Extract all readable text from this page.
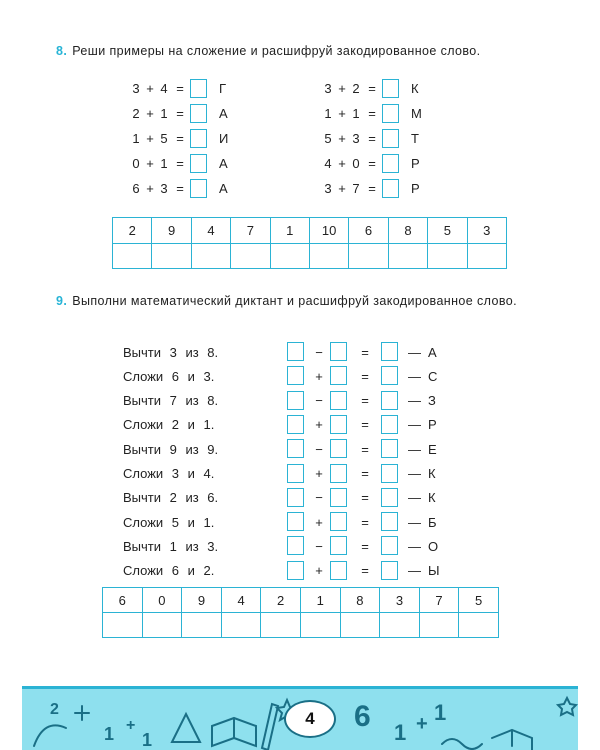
8. Реши примеры на сложение и расшифруй закодированное слово.
3 + 4 =	Г
2 + 1 =	А
1 + 5 =	И
0 + 1 =	А
6 + 3 =	А
3 + 2 =	К
1 + 1 =	М
5 + 3 =	Т
4 + 0 =	Р
3 + 7 =	Р
2	9	4	7	1	10	6	8	5	3

9. Выполни математический диктант и расшифруй закодированное слово.
Вычти 3 из 8.	−	=	— А
Сложи 6 и 3.	+	=	— С
Вычти 7 из 8.	−	=	— З
Сложи 2 и 1.	+	=	— Р
Вычти 9 из 9.	−	=	— Е
Сложи 3 и 4.	+	=	— К
Вычти 2 из 6.	−	=	— К
Сложи 5 и 1.	+	=	— Б
Вычти 1 из 3.	−	=	— О
Сложи 6 и 2.	+	=	— Ы
6	0	9	4	2	1	8	3	7	5

2
1 +
1
6 1 + 1
4
